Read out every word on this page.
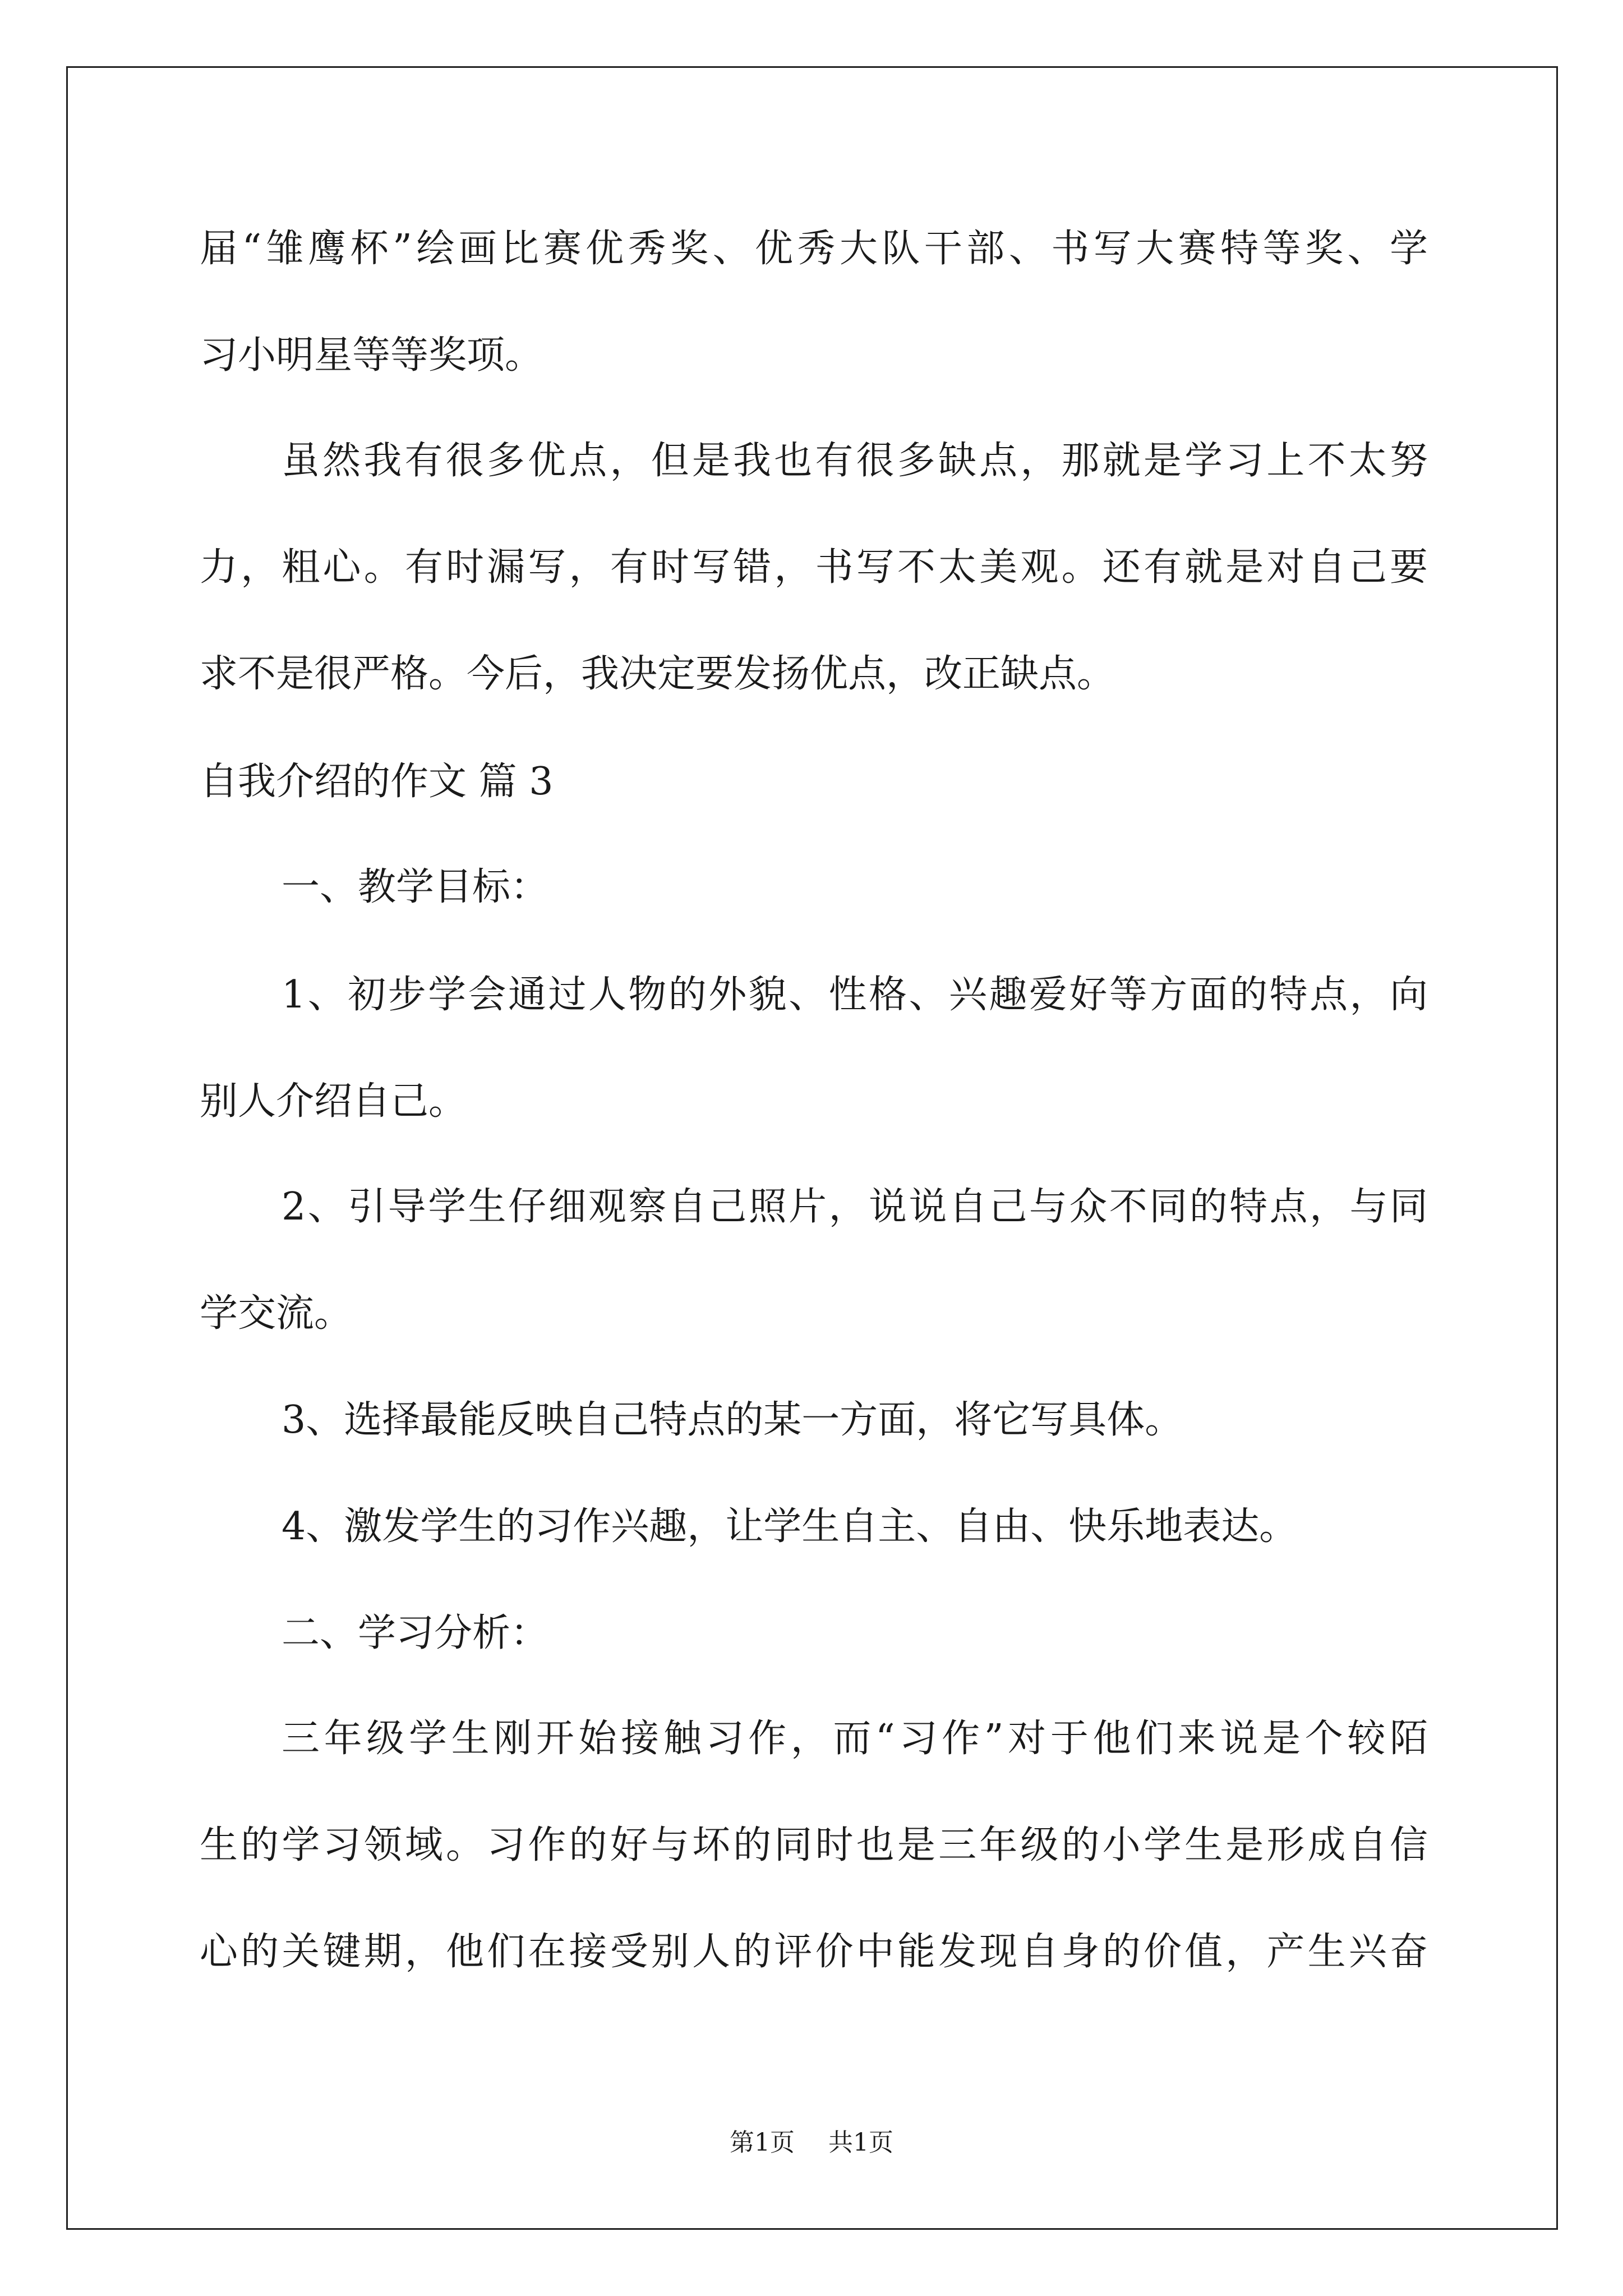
届“雏鹰杯”绘画比赛优秀奖、优秀大队干部、书写大赛特等奖、学
习小明星等等奖项。
虽然我有很多优点，但是我也有很多缺点，那就是学习上不太努
力，粗心。有时漏写，有时写错，书写不太美观。还有就是对自己要
求不是很严格。今后，我决定要发扬优点，改正缺点。
自我介绍的作文 篇 3
一、教学目标：
1、初步学会通过人物的外貌、性格、兴趣爱好等方面的特点，向
别人介绍自己。
2、引导学生仔细观察自己照片，说说自己与众不同的特点，与同
学交流。
3、选择最能反映自己特点的某一方面，将它写具体。
4、激发学生的习作兴趣，让学生自主、自由、快乐地表达。
二、学习分析：
三年级学生刚开始接触习作，而“习作”对于他们来说是个较陌
生的学习领域。习作的好与坏的同时也是三年级的小学生是形成自信
心的关键期，他们在接受别人的评价中能发现自身的价值，产生兴奋
第1页 共1页
